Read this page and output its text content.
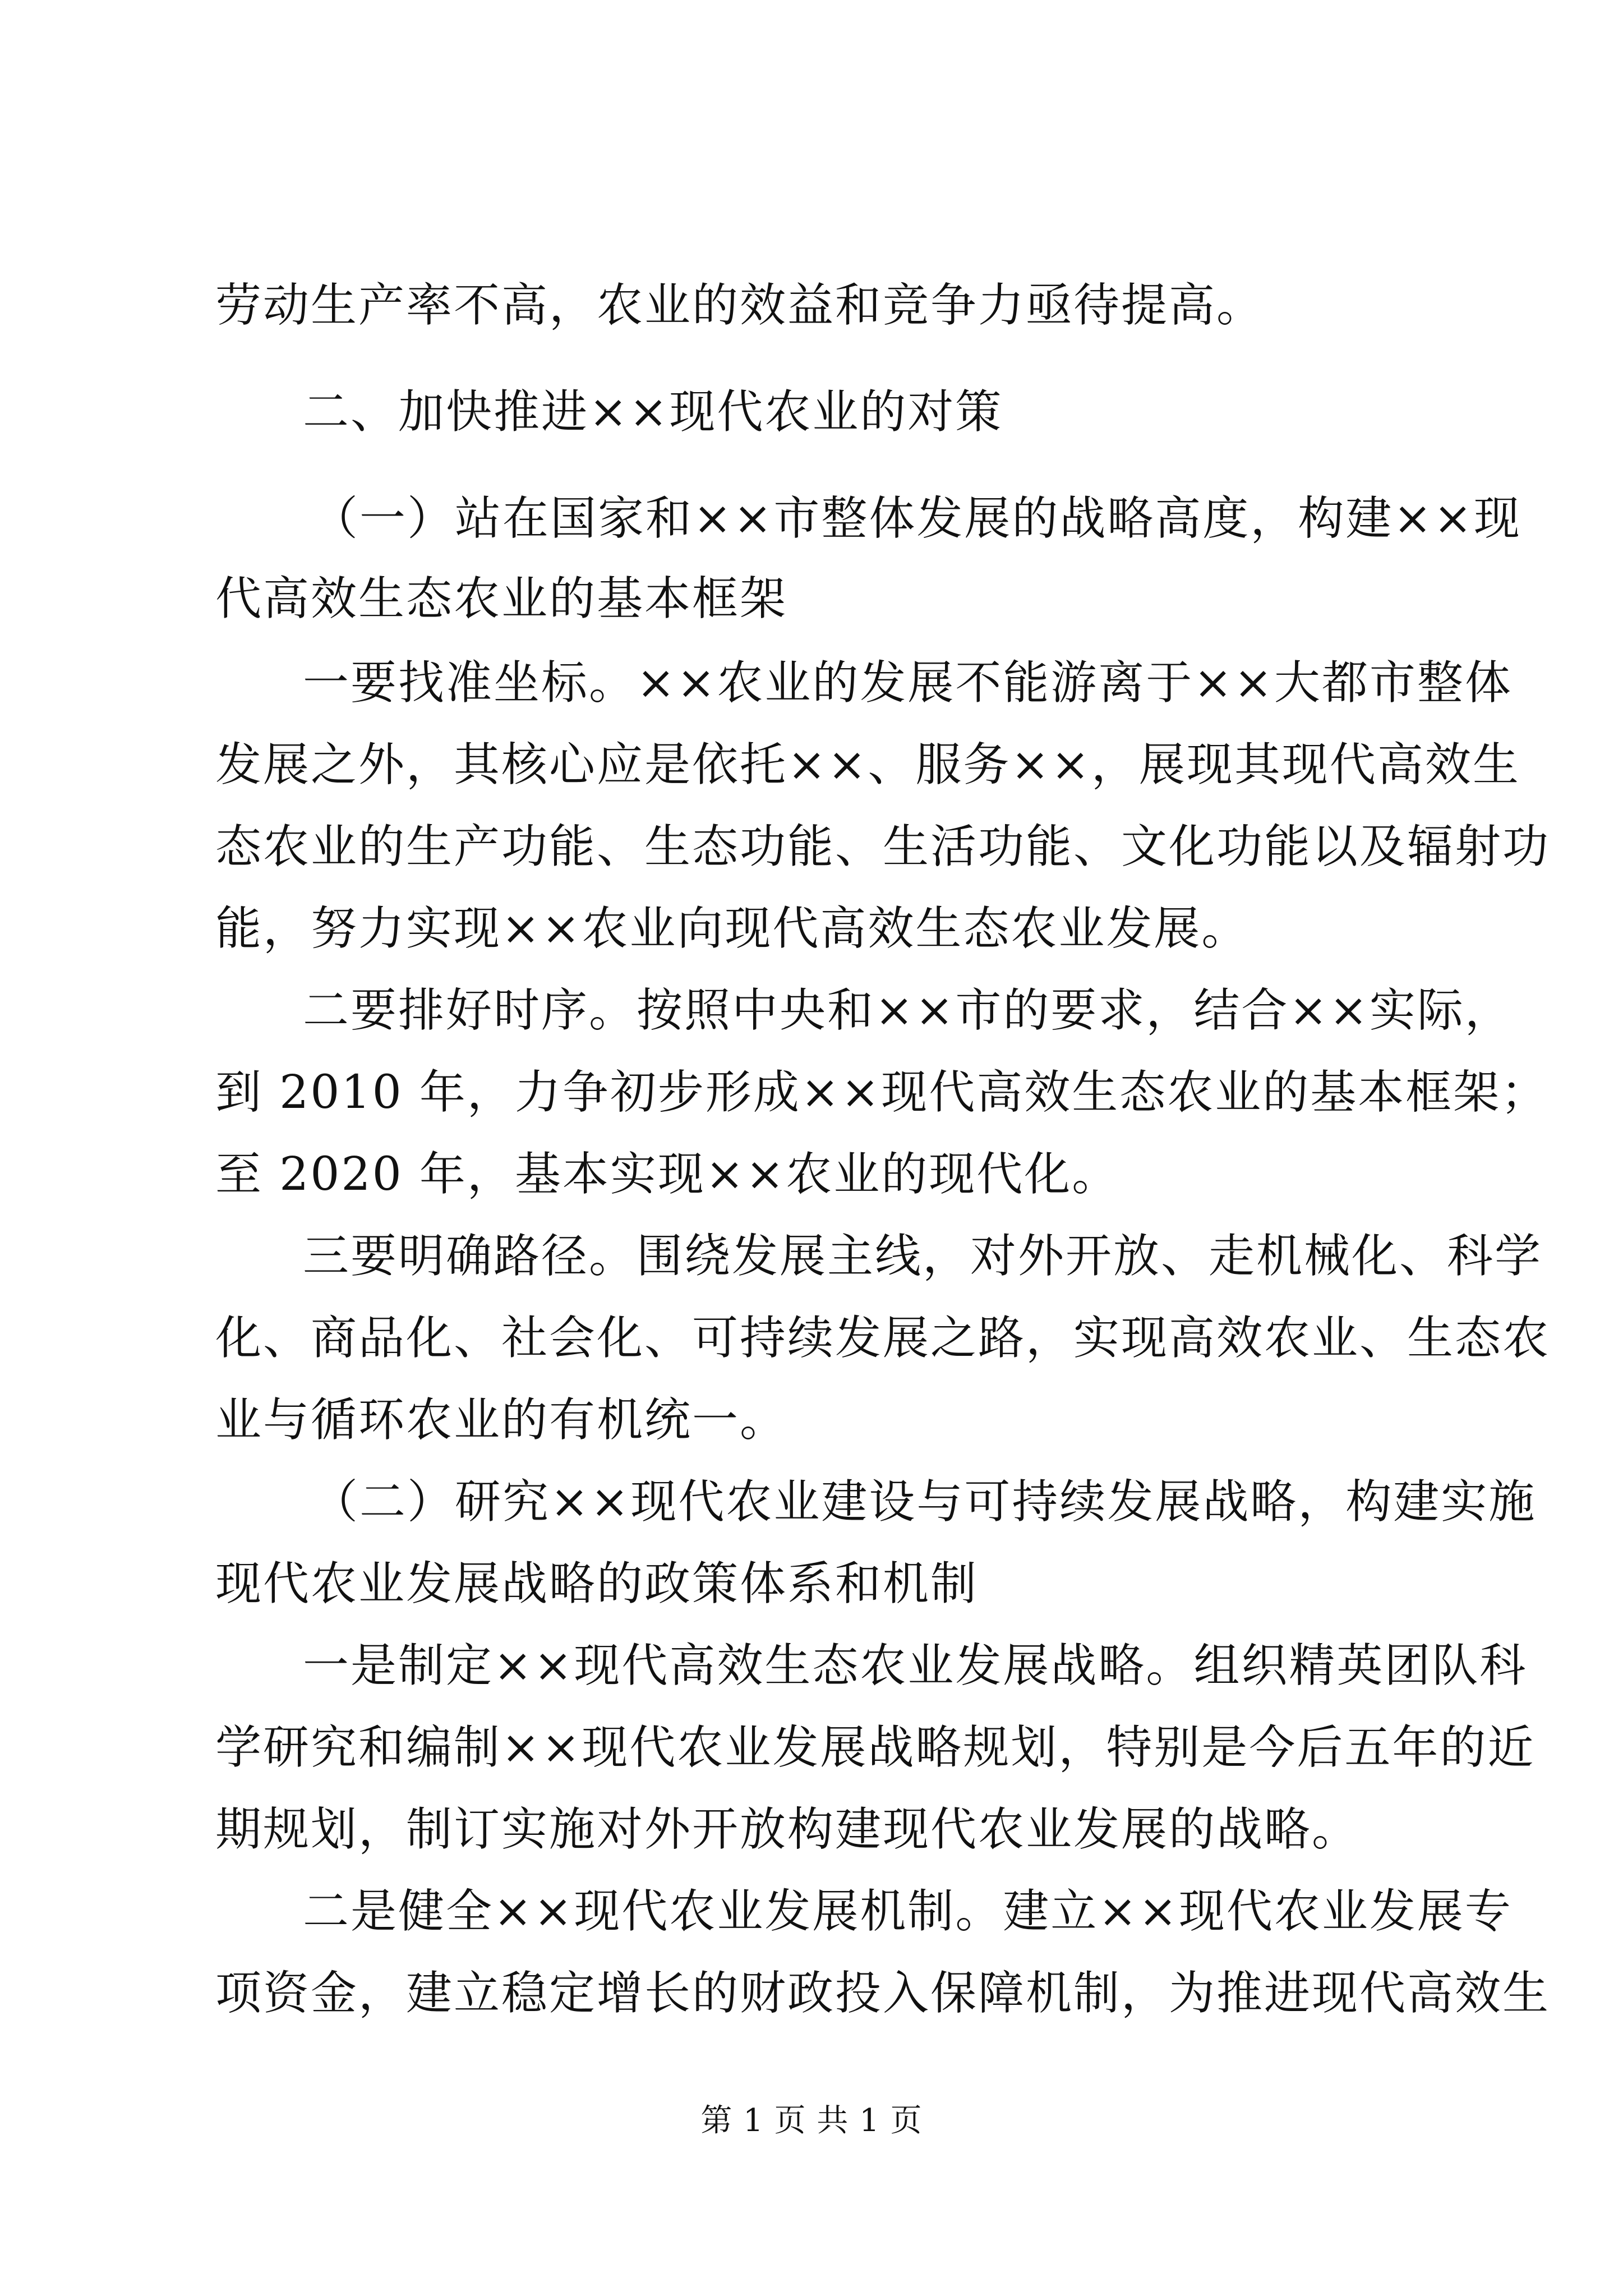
劳动生产率不高，农业的效益和竞争力亟待提高。
二、加快推进××现代农业的对策
（一）站在国家和××市整体发展的战略高度，构建××现
代高效生态农业的基本框架
一要找准坐标。××农业的发展不能游离于××大都市整体
发展之外，其核心应是依托××、服务××，展现其现代高效生
态农业的生产功能、生态功能、生活功能、文化功能以及辐射功
能，努力实现××农业向现代高效生态农业发展。
二要排好时序。按照中央和××市的要求，结合××实际，
到 2010 年，力争初步形成××现代高效生态农业的基本框架；
至 2020 年，基本实现××农业的现代化。
三要明确路径。围绕发展主线，对外开放、走机械化、科学
化、商品化、社会化、可持续发展之路，实现高效农业、生态农
业与循环农业的有机统一。
（二）研究××现代农业建设与可持续发展战略，构建实施
现代农业发展战略的政策体系和机制
一是制定××现代高效生态农业发展战略。组织精英团队科
学研究和编制××现代农业发展战略规划，特别是今后五年的近
期规划，制订实施对外开放构建现代农业发展的战略。
二是健全××现代农业发展机制。建立××现代农业发展专
项资金，建立稳定增长的财政投入保障机制，为推进现代高效生
第 1 页 共 1 页
